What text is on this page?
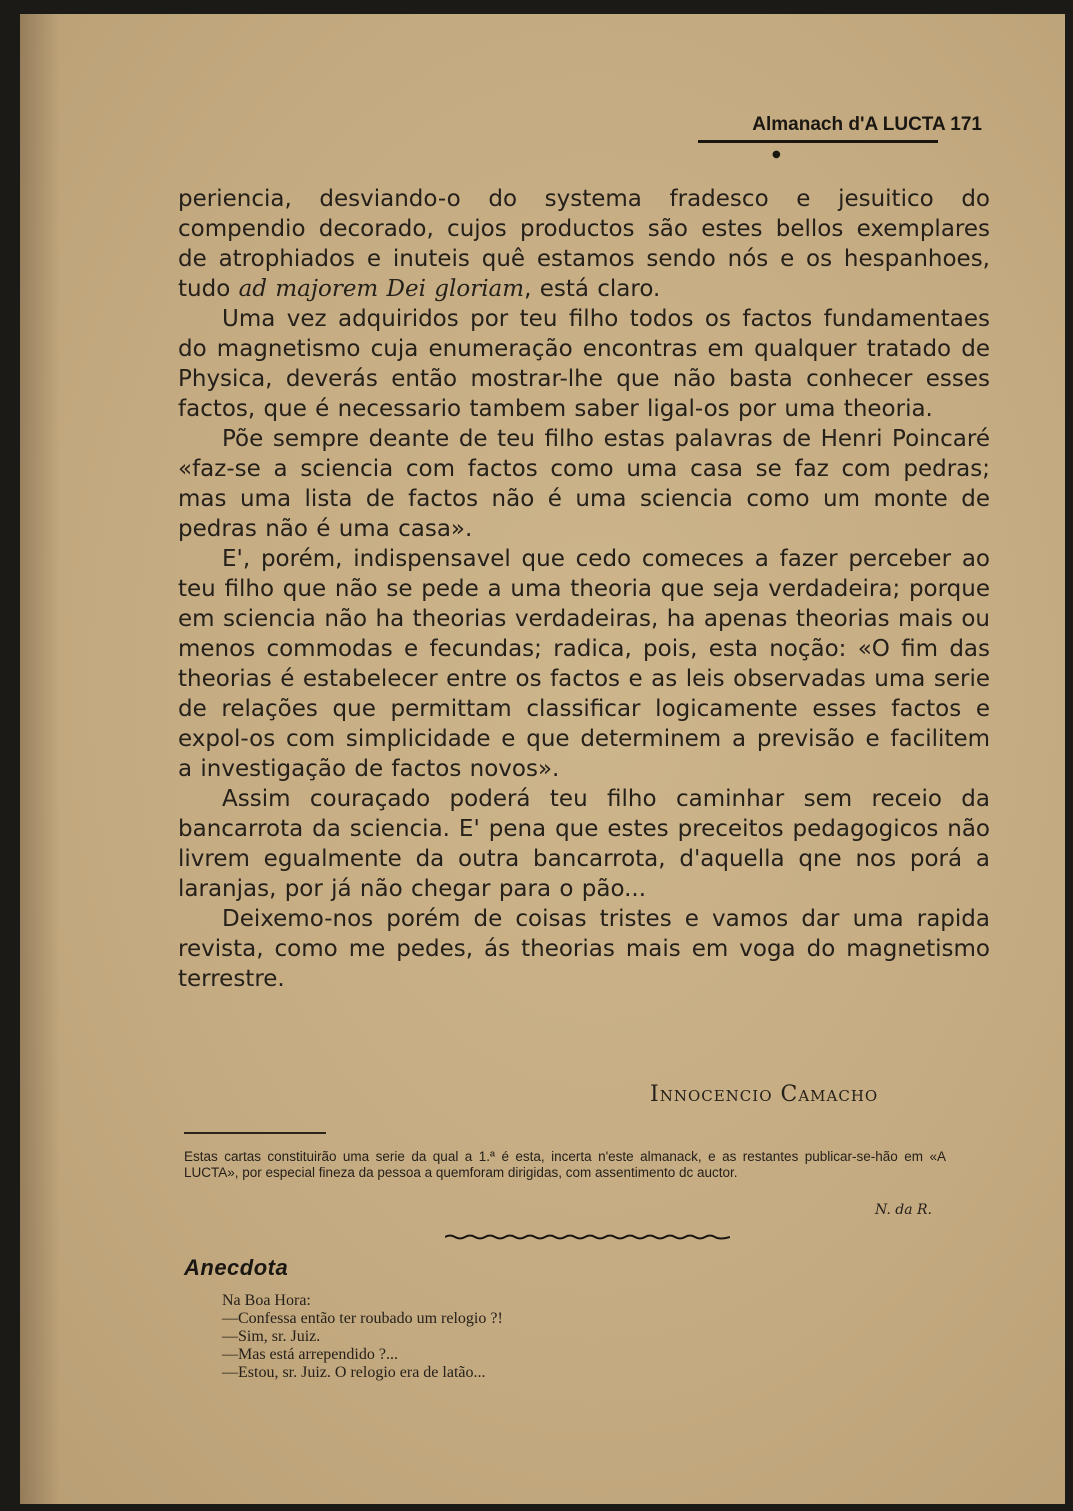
Almanach d'A LUCTA 171
●

periencia, desviando-o do systema fradesco e jesuitico do compendio decorado, cujos productos são estes bellos exemplares de atrophiados e inuteis quê estamos sendo nós e os hespanhoes, tudo ad majorem Dei gloriam, está claro.

Uma vez adquiridos por teu filho todos os factos fundamentaes do magnetismo cuja enumeração encontras em qualquer tratado de Physica, deverás então mostrar-lhe que não basta conhecer esses factos, que é necessario tambem saber ligal-os por uma theoria.

Põe sempre deante de teu filho estas palavras de Henri Poincaré «faz-se a sciencia com factos como uma casa se faz com pedras; mas uma lista de factos não é uma sciencia como um monte de pedras não é uma casa».

E', porém, indispensavel que cedo comeces a fazer perceber ao teu filho que não se pede a uma theoria que seja verdadeira; porque em sciencia não ha theorias verdadeiras, ha apenas theorias mais ou menos commodas e fecundas; radica, pois, esta noção: «O fim das theorias é estabelecer entre os factos e as leis observadas uma serie de relações que permittam classificar logicamente esses factos e expol-os com simplicidade e que determinem a previsão e facilitem a investigação de factos novos».

Assim couraçado poderá teu filho caminhar sem receio da bancarrota da sciencia. E' pena que estes preceitos pedagogicos não livrem egualmente da outra bancarrota, d'aquella qne nos porá a laranjas, por já não chegar para o pão...

Deixemo-nos porém de coisas tristes e vamos dar uma rapida revista, como me pedes, ás theorias mais em voga do magnetismo terrestre.

Innocencio Camacho
Estas cartas constituirão uma serie da qual a 1.ª é esta, incerta n'este almanack, e as restantes publicar-se-hão em «A LUCTA», por especial fineza da pessoa a quemforam dirigidas, com assentimento dc auctor.
N. da R.
Anecdota
Na Boa Hora:
—Confessa então ter roubado um relogio ?!
—Sim, sr. Juiz.
—Mas está arrependido ?...
—Estou, sr. Juiz. O relogio era de latão...
